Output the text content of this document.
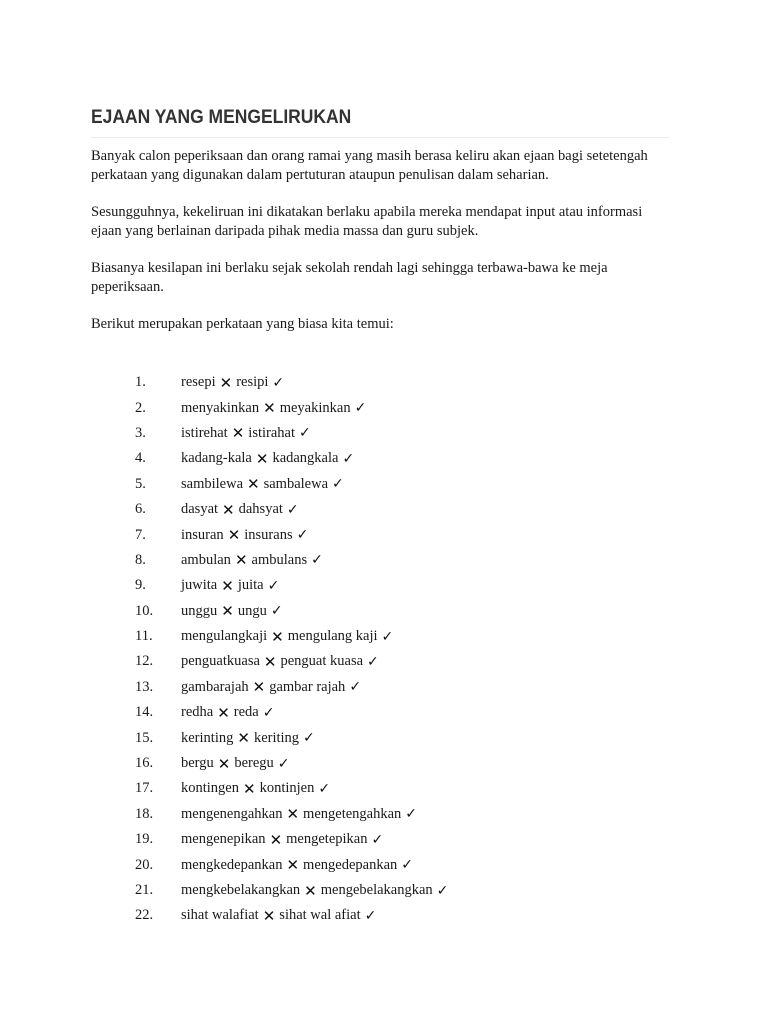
EJAAN YANG MENGELIRUKAN

Banyak calon peperiksaan dan orang ramai yang masih berasa keliru akan ejaan bagi setetengah perkataan yang digunakan dalam pertuturan ataupun penulisan dalam seharian.

Sesungguhnya, kekeliruan ini dikatakan berlaku apabila mereka mendapat input atau informasi ejaan yang berlainan daripada pihak media massa dan guru subjek.

Biasanya kesilapan ini berlaku sejak sekolah rendah lagi sehingga terbawa-bawa ke meja peperiksaan.

Berikut merupakan perkataan yang biasa kita temui:

1.	resepi ✕ resipi ✓
2.	menyakinkan ✕ meyakinkan ✓
3.	istirehat ✕ istirahat ✓
4.	kadang-kala ✕ kadangkala ✓
5.	sambilewa ✕ sambalewa ✓
6.	dasyat ✕ dahsyat ✓
7.	insuran ✕ insurans ✓
8.	ambulan ✕ ambulans ✓
9.	juwita ✕ juita ✓
10.	unggu ✕ ungu ✓
11.	mengulangkaji ✕ mengulang kaji ✓
12.	penguatkuasa ✕ penguat kuasa ✓
13.	gambarajah ✕ gambar rajah ✓
14.	redha ✕ reda ✓
15.	kerinting ✕ keriting ✓
16.	bergu ✕ beregu ✓
17.	kontingen ✕ kontinjen ✓
18.	mengenengahkan ✕ mengetengahkan ✓
19.	mengenepikan ✕ mengetepikan ✓
20.	mengkedepankan ✕ mengedepankan ✓
21.	mengkebelakangkan ✕ mengebelakangkan ✓
22.	sihat walafiat ✕ sihat wal afiat ✓
